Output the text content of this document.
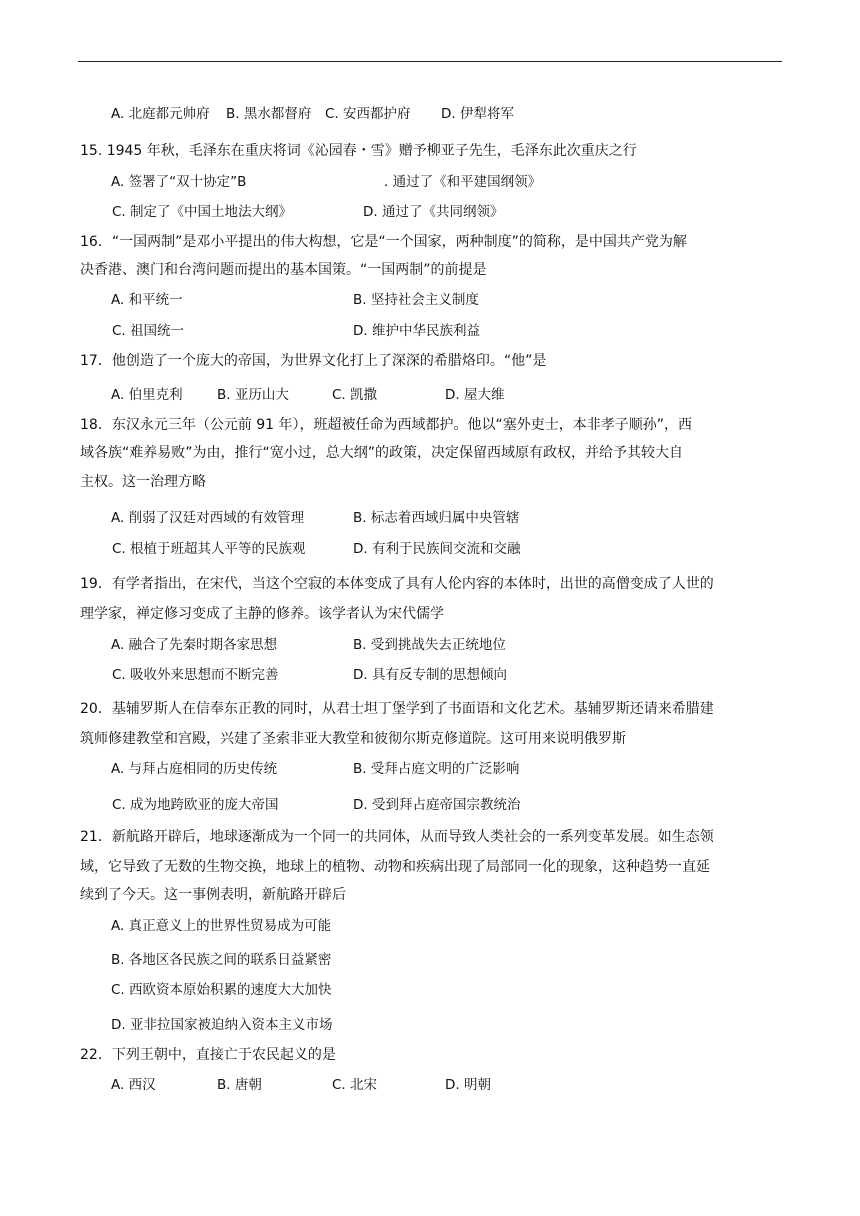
A. 北庭都元帅府 B. 黑水都督府 C. 安西都护府 D. 伊犁将军
15. 1945 年秋，毛泽东在重庆将词《沁园春・雪》赠予柳亚子先生，毛泽东此次重庆之行
A. 签署了“双十协定”B	. 通过了《和平建国纲领》
C. 制定了《中国土地法大纲》	D. 通过了《共同纲领》
16．“一国两制”是邓小平提出的伟大构想，它是“一个国家，两种制度”的简称，是中国共产党为解
决香港、澳门和台湾问题而提出的基本国策。“一国两制”的前提是
A. 和平统一	B. 坚持社会主义制度
C. 祖国统一	D. 维护中华民族利益
17．他创造了一个庞大的帝国，为世界文化打上了深深的希腊烙印。“他”是
A. 伯里克利	B. 亚历山大	C. 凯撒	D. 屋大维
18．东汉永元三年（公元前 91 年），班超被任命为西域都护。他以“塞外吏士，本非孝子顺孙”，西
域各族“难养易败”为由，推行“宽小过，总大纲”的政策，决定保留西域原有政权，并给予其较大自
主权。这一治理方略
A. 削弱了汉廷对西域的有效管理	B. 标志着西域归属中央管辖
C. 根植于班超其人平等的民族观	D. 有利于民族间交流和交融
19．有学者指出，在宋代，当这个空寂的本体变成了具有人伦内容的本体时，出世的高僧变成了人世的
理学家，禅定修习变成了主静的修养。该学者认为宋代儒学
A. 融合了先秦时期各家思想	B. 受到挑战失去正统地位
C. 吸收外来思想而不断完善	D. 具有反专制的思想倾向
20．基辅罗斯人在信奉东正教的同时，从君士坦丁堡学到了书面语和文化艺术。基辅罗斯还请来希腊建
筑师修建教堂和宫殿，兴建了圣索非亚大教堂和彼彻尔斯克修道院。这可用来说明俄罗斯
A. 与拜占庭相同的历史传统	B. 受拜占庭文明的广泛影响
C. 成为地跨欧亚的庞大帝国	D. 受到拜占庭帝国宗教统治
21．新航路开辟后，地球逐渐成为一个同一的共同体，从而导致人类社会的一系列变革发展。如生态领
域，它导致了无数的生物交换，地球上的植物、动物和疾病出现了局部同一化的现象，这种趋势一直延
续到了今天。这一事例表明，新航路开辟后
A. 真正意义上的世界性贸易成为可能
B. 各地区各民族之间的联系日益紧密
C. 西欧资本原始积累的速度大大加快
D. 亚非拉国家被迫纳入资本主义市场
22．下列王朝中，直接亡于农民起义的是
A. 西汉	B. 唐朝	C. 北宋	D. 明朝
